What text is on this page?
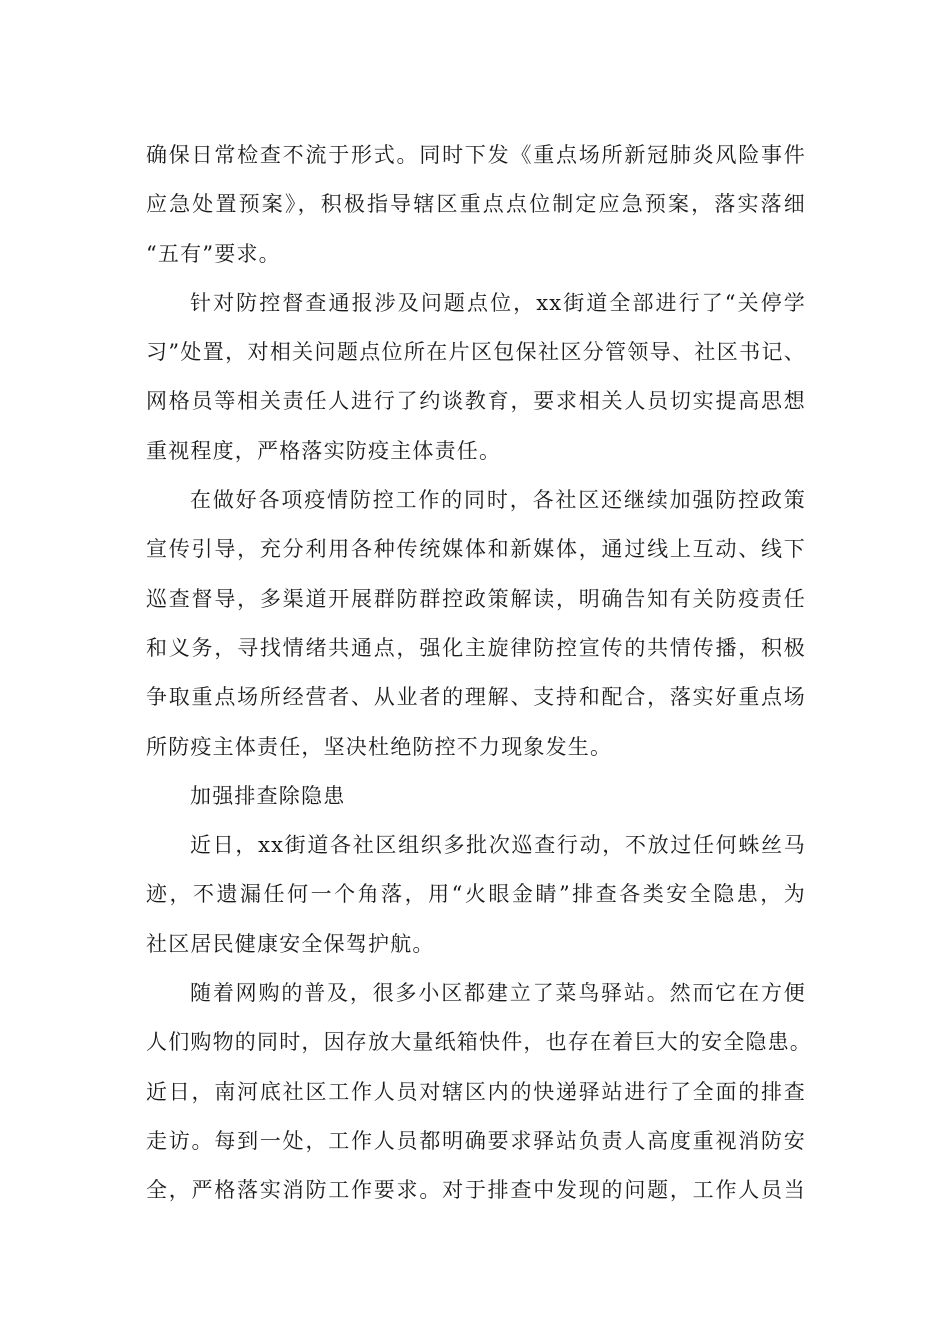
确保日常检查不流于形式。同时下发《重点场所新冠肺炎风险事件
应急处置预案》，积极指导辖区重点点位制定应急预案，落实落细
“五有”要求。
针对防控督查通报涉及问题点位，xx街道全部进行了“关停学
习”处置，对相关问题点位所在片区包保社区分管领导、社区书记、
网格员等相关责任人进行了约谈教育，要求相关人员切实提高思想
重视程度，严格落实防疫主体责任。
在做好各项疫情防控工作的同时，各社区还继续加强防控政策
宣传引导，充分利用各种传统媒体和新媒体，通过线上互动、线下
巡查督导，多渠道开展群防群控政策解读，明确告知有关防疫责任
和义务，寻找情绪共通点，强化主旋律防控宣传的共情传播，积极
争取重点场所经营者、从业者的理解、支持和配合，落实好重点场
所防疫主体责任，坚决杜绝防控不力现象发生。
加强排查除隐患
近日，xx街道各社区组织多批次巡查行动，不放过任何蛛丝马
迹，不遗漏任何一个角落，用“火眼金睛”排查各类安全隐患，为
社区居民健康安全保驾护航。
随着网购的普及，很多小区都建立了菜鸟驿站。然而它在方便
人们购物的同时，因存放大量纸箱快件，也存在着巨大的安全隐患。
近日，南河底社区工作人员对辖区内的快递驿站进行了全面的排查
走访。每到一处，工作人员都明确要求驿站负责人高度重视消防安
全，严格落实消防工作要求。对于排查中发现的问题，工作人员当
